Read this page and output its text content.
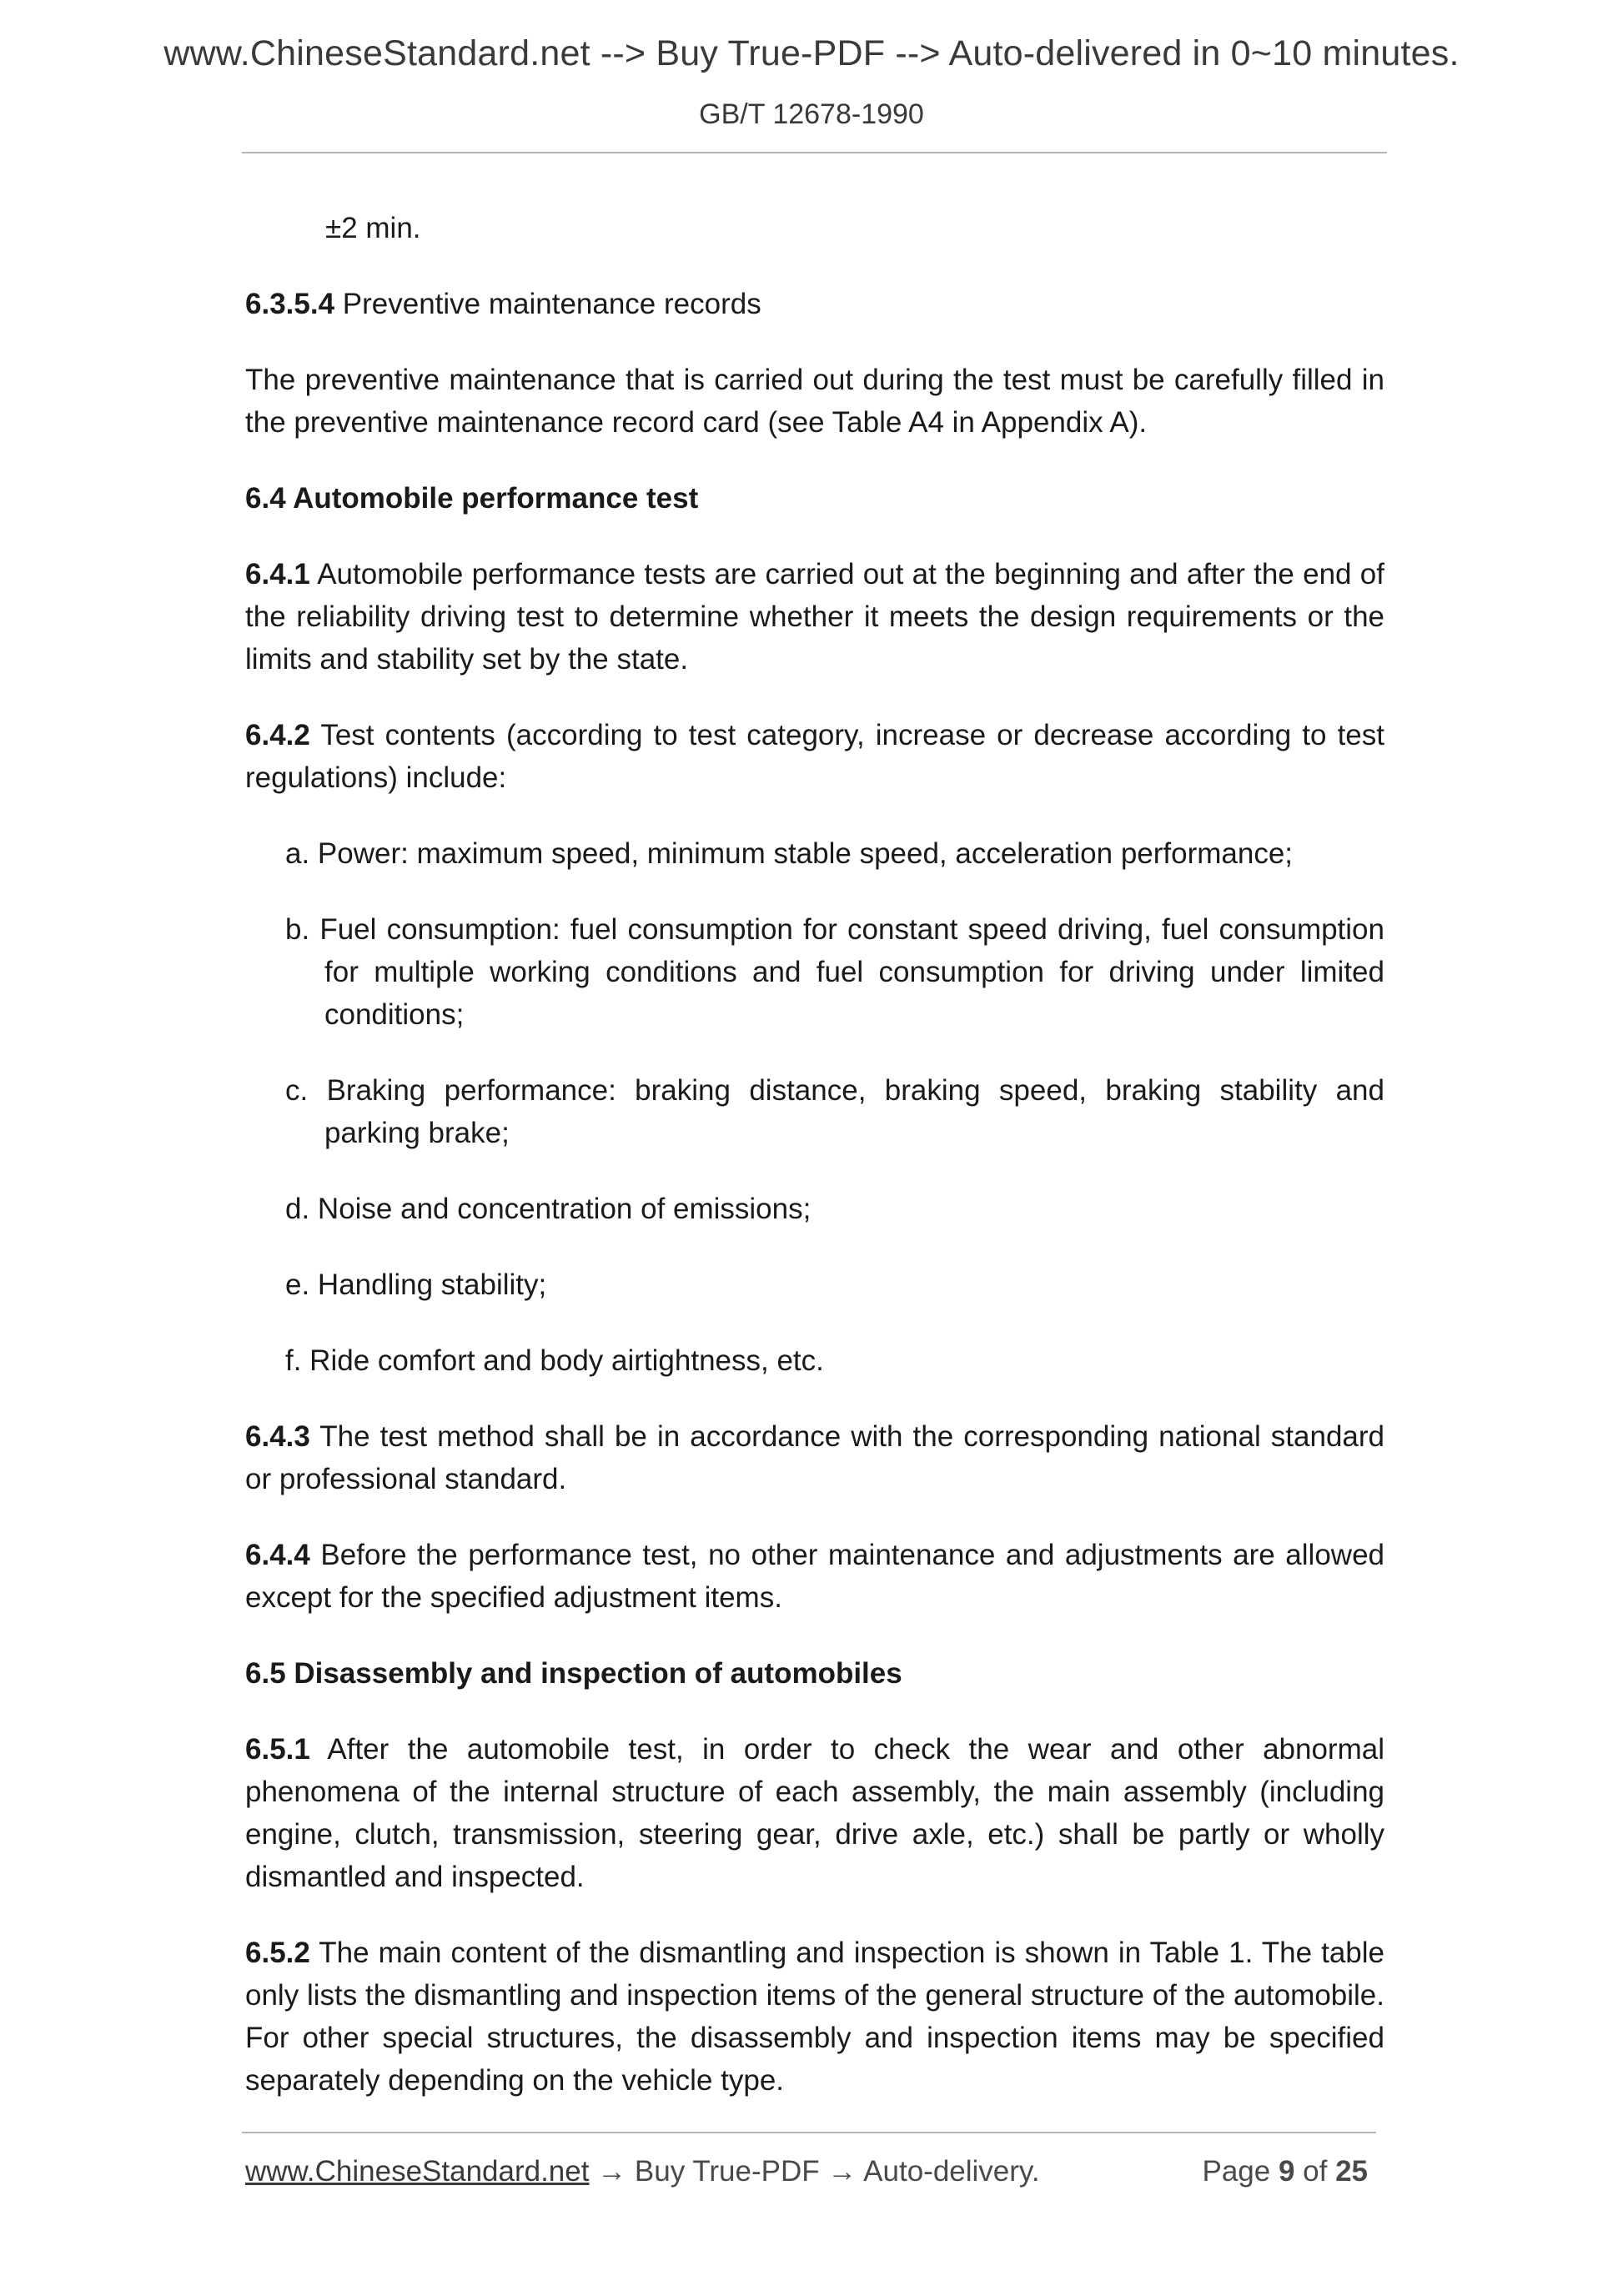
www.ChineseStandard.net --> Buy True-PDF --> Auto-delivered in 0~10 minutes.
GB/T 12678-1990

±2 min.

6.3.5.4 Preventive maintenance records

The preventive maintenance that is carried out during the test must be carefully filled in the preventive maintenance record card (see Table A4 in Appendix A).

6.4 Automobile performance test

6.4.1 Automobile performance tests are carried out at the beginning and after the end of the reliability driving test to determine whether it meets the design requirements or the limits and stability set by the state.

6.4.2 Test contents (according to test category, increase or decrease according to test regulations) include:

a. Power: maximum speed, minimum stable speed, acceleration performance;

b. Fuel consumption: fuel consumption for constant speed driving, fuel consumption for multiple working conditions and fuel consumption for driving under limited conditions;

c. Braking performance: braking distance, braking speed, braking stability and parking brake;

d. Noise and concentration of emissions;

e. Handling stability;

f. Ride comfort and body airtightness, etc.

6.4.3 The test method shall be in accordance with the corresponding national standard or professional standard.

6.4.4 Before the performance test, no other maintenance and adjustments are allowed except for the specified adjustment items.

6.5 Disassembly and inspection of automobiles

6.5.1 After the automobile test, in order to check the wear and other abnormal phenomena of the internal structure of each assembly, the main assembly (including engine, clutch, transmission, steering gear, drive axle, etc.) shall be partly or wholly dismantled and inspected.

6.5.2 The main content of the dismantling and inspection is shown in Table 1. The table only lists the dismantling and inspection items of the general structure of the automobile. For other special structures, the disassembly and inspection items may be specified separately depending on the vehicle type.

www.ChineseStandard.net → Buy True-PDF → Auto-delivery.	Page 9 of 25
